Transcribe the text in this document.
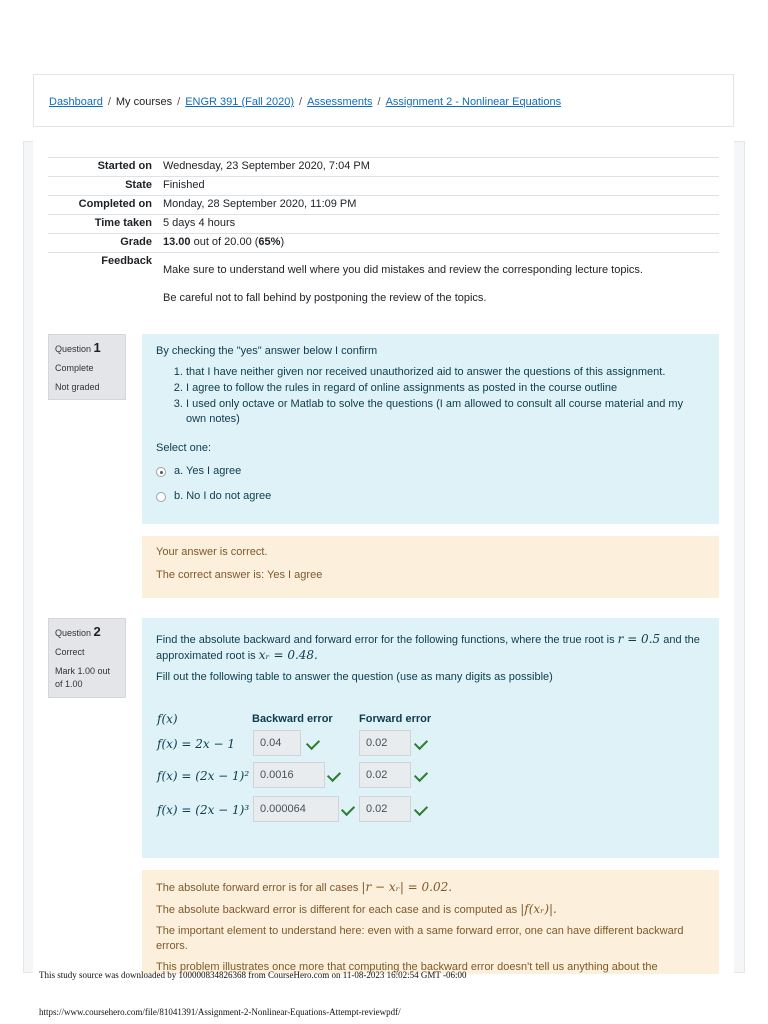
Dashboard / My courses / ENGR 391 (Fall 2020) / Assessments / Assignment 2 - Nonlinear Equations
Started on	Wednesday, 23 September 2020, 7:04 PM
State	Finished
Completed on	Monday, 28 September 2020, 11:09 PM
Time taken	5 days 4 hours
Grade	13.00 out of 20.00 (65%)
Feedback	Make sure to understand well where you did mistakes and review the corresponding lecture topics.

Be careful not to fall behind by postponing the review of the topics.

Question 1
Complete
Not graded
By checking the "yes" answer below I confirm
1. that I have neither given nor received unauthorized aid to answer the questions of this assignment.
2. I agree to follow the rules in regard of online assignments as posted in the course outline
3. I used only octave or Matlab to solve the questions (I am allowed to consult all course material and my own notes)
Select one:
a. Yes I agree
b. No I do not agree

Your answer is correct.

The correct answer is: Yes I agree

Question 2
Correct
Mark 1.00 out of 1.00
Find the absolute backward and forward error for the following functions, where the true root is r = 0.5 and the approximated root is xᵣ = 0.48.
Fill out the following table to answer the question (use as many digits as possible)
f(x)	Backward error Forward error
f(x) = 2x − 1	0.04	0.02
f(x) = (2x − 1)² 0.0016	0.02
f(x) = (2x − 1)³ 0.000064	0.02

The absolute forward error is for all cases |r − xᵣ| = 0.02.

The absolute backward error is different for each case and is computed as |f(xᵣ)|.

The important element to understand here: even with a same forward error, one can have different backward errors.

This problem illustrates once more that computing the backward error doesn't tell us anything about the

This study source was downloaded by 100000834826368 from CourseHero.com on 11-08-2023 16:02:54 GMT -06:00
https://www.coursehero.com/file/81041391/Assignment-2-Nonlinear-Equations-Attempt-reviewpdf/
